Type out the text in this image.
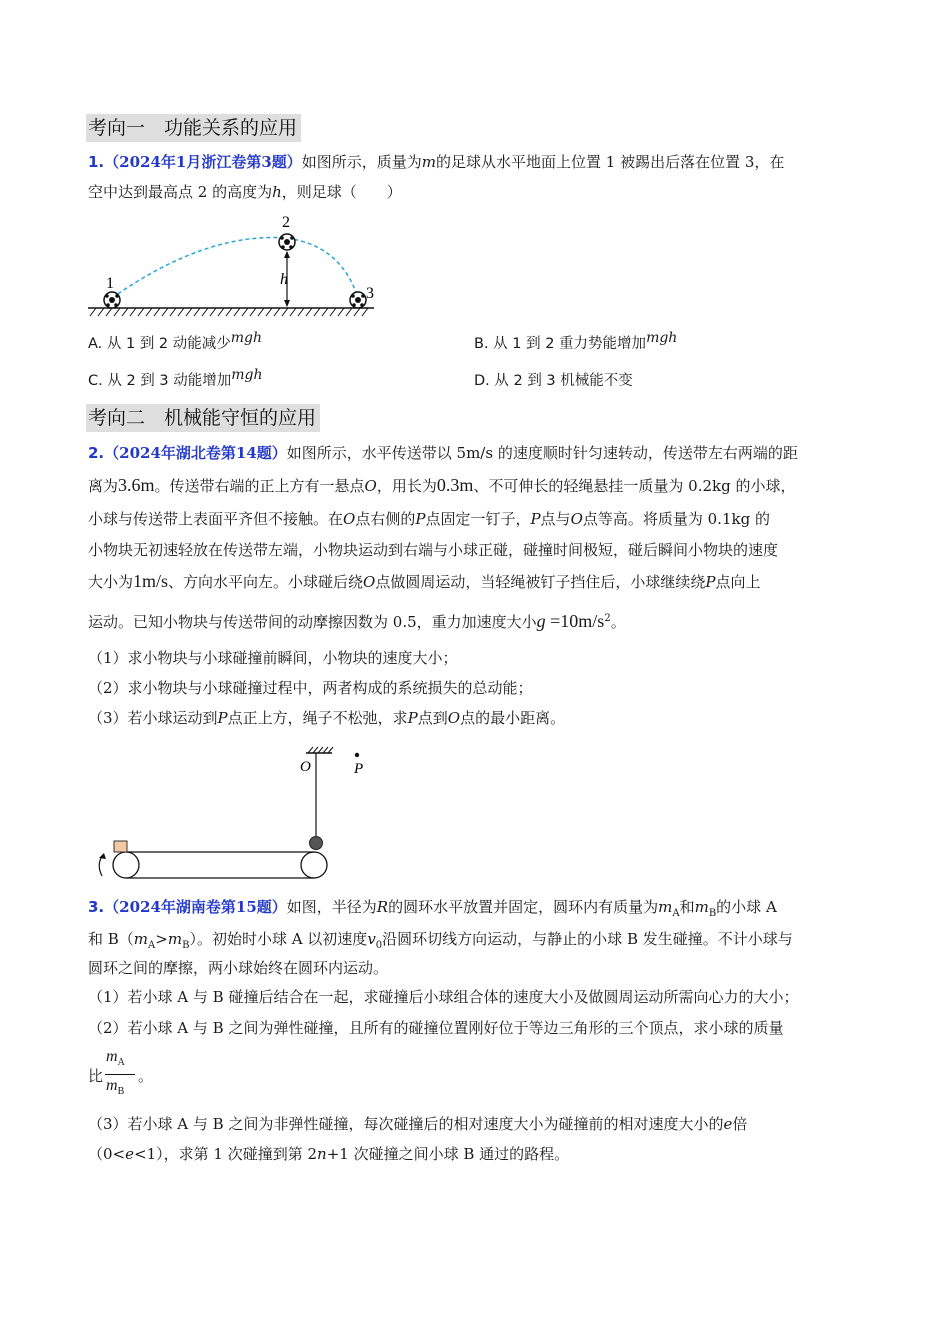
考向一　功能关系的应用
1.（2024年1月浙江卷第3题）如图所示，质量为m的足球从水平地面上位置 1 被踢出后落在位置 3，在
空中达到最高点 2 的高度为h，则足球（　　）
1
2
3
h
A. 从 1 到 2 动能减少mgh	B. 从 1 到 2 重力势能增加mgh
C. 从 2 到 3 动能增加mgh	D. 从 2 到 3 机械能不变
考向二　机械能守恒的应用
2.（2024年湖北卷第14题）如图所示，水平传送带以 5m/s 的速度顺时针匀速转动，传送带左右两端的距
离为3.6m。传送带右端的正上方有一悬点O，用长为0.3m、不可伸长的轻绳悬挂一质量为 0.2kg 的小球，
小球与传送带上表面平齐但不接触。在O点右侧的P点固定一钉子，P点与O点等高。将质量为 0.1kg 的
小物块无初速轻放在传送带左端，小物块运动到右端与小球正碰，碰撞时间极短，碰后瞬间小物块的速度
大小为1m/s、方向水平向左。小球碰后绕O点做圆周运动，当轻绳被钉子挡住后，小球继续绕P点向上
运动。已知小物块与传送带间的动摩擦因数为 0.5，重力加速度大小$g =10m/s^2$。
（1）求小物块与小球碰撞前瞬间，小物块的速度大小；
（2）求小物块与小球碰撞过程中，两者构成的系统损失的总动能；
（3）若小球运动到P点正上方，绳子不松弛，求P点到O点的最小距离。
O	P
3.（2024年湖南卷第15题）如图，半径为R的圆环水平放置并固定，圆环内有质量为$m_A$和$m_B$的小球 A
和 $B(m_A>m_B)$。初始时小球 A 以初速度$v_0$沿圆环切线方向运动，与静止的小球 B 发生碰撞。不计小球与
圆环之间的摩擦，两小球始终在圆环内运动。
（1）若小球 A 与 B 碰撞后结合在一起，求碰撞后小球组合体的速度大小及做圆周运动所需向心力的大小；
（2）若小球 A 与 B 之间为弹性碰撞，且所有的碰撞位置刚好位于等边三角形的三个顶点，求小球的质量
比
$m_A$
$m_B$
。
（3）若小球 A 与 B 之间为非弹性碰撞，每次碰撞后的相对速度大小为碰撞前的相对速度大小的e倍
（0<e<1），求第 1 次碰撞到第 2n+1 次碰撞之间小球 B 通过的路程。
